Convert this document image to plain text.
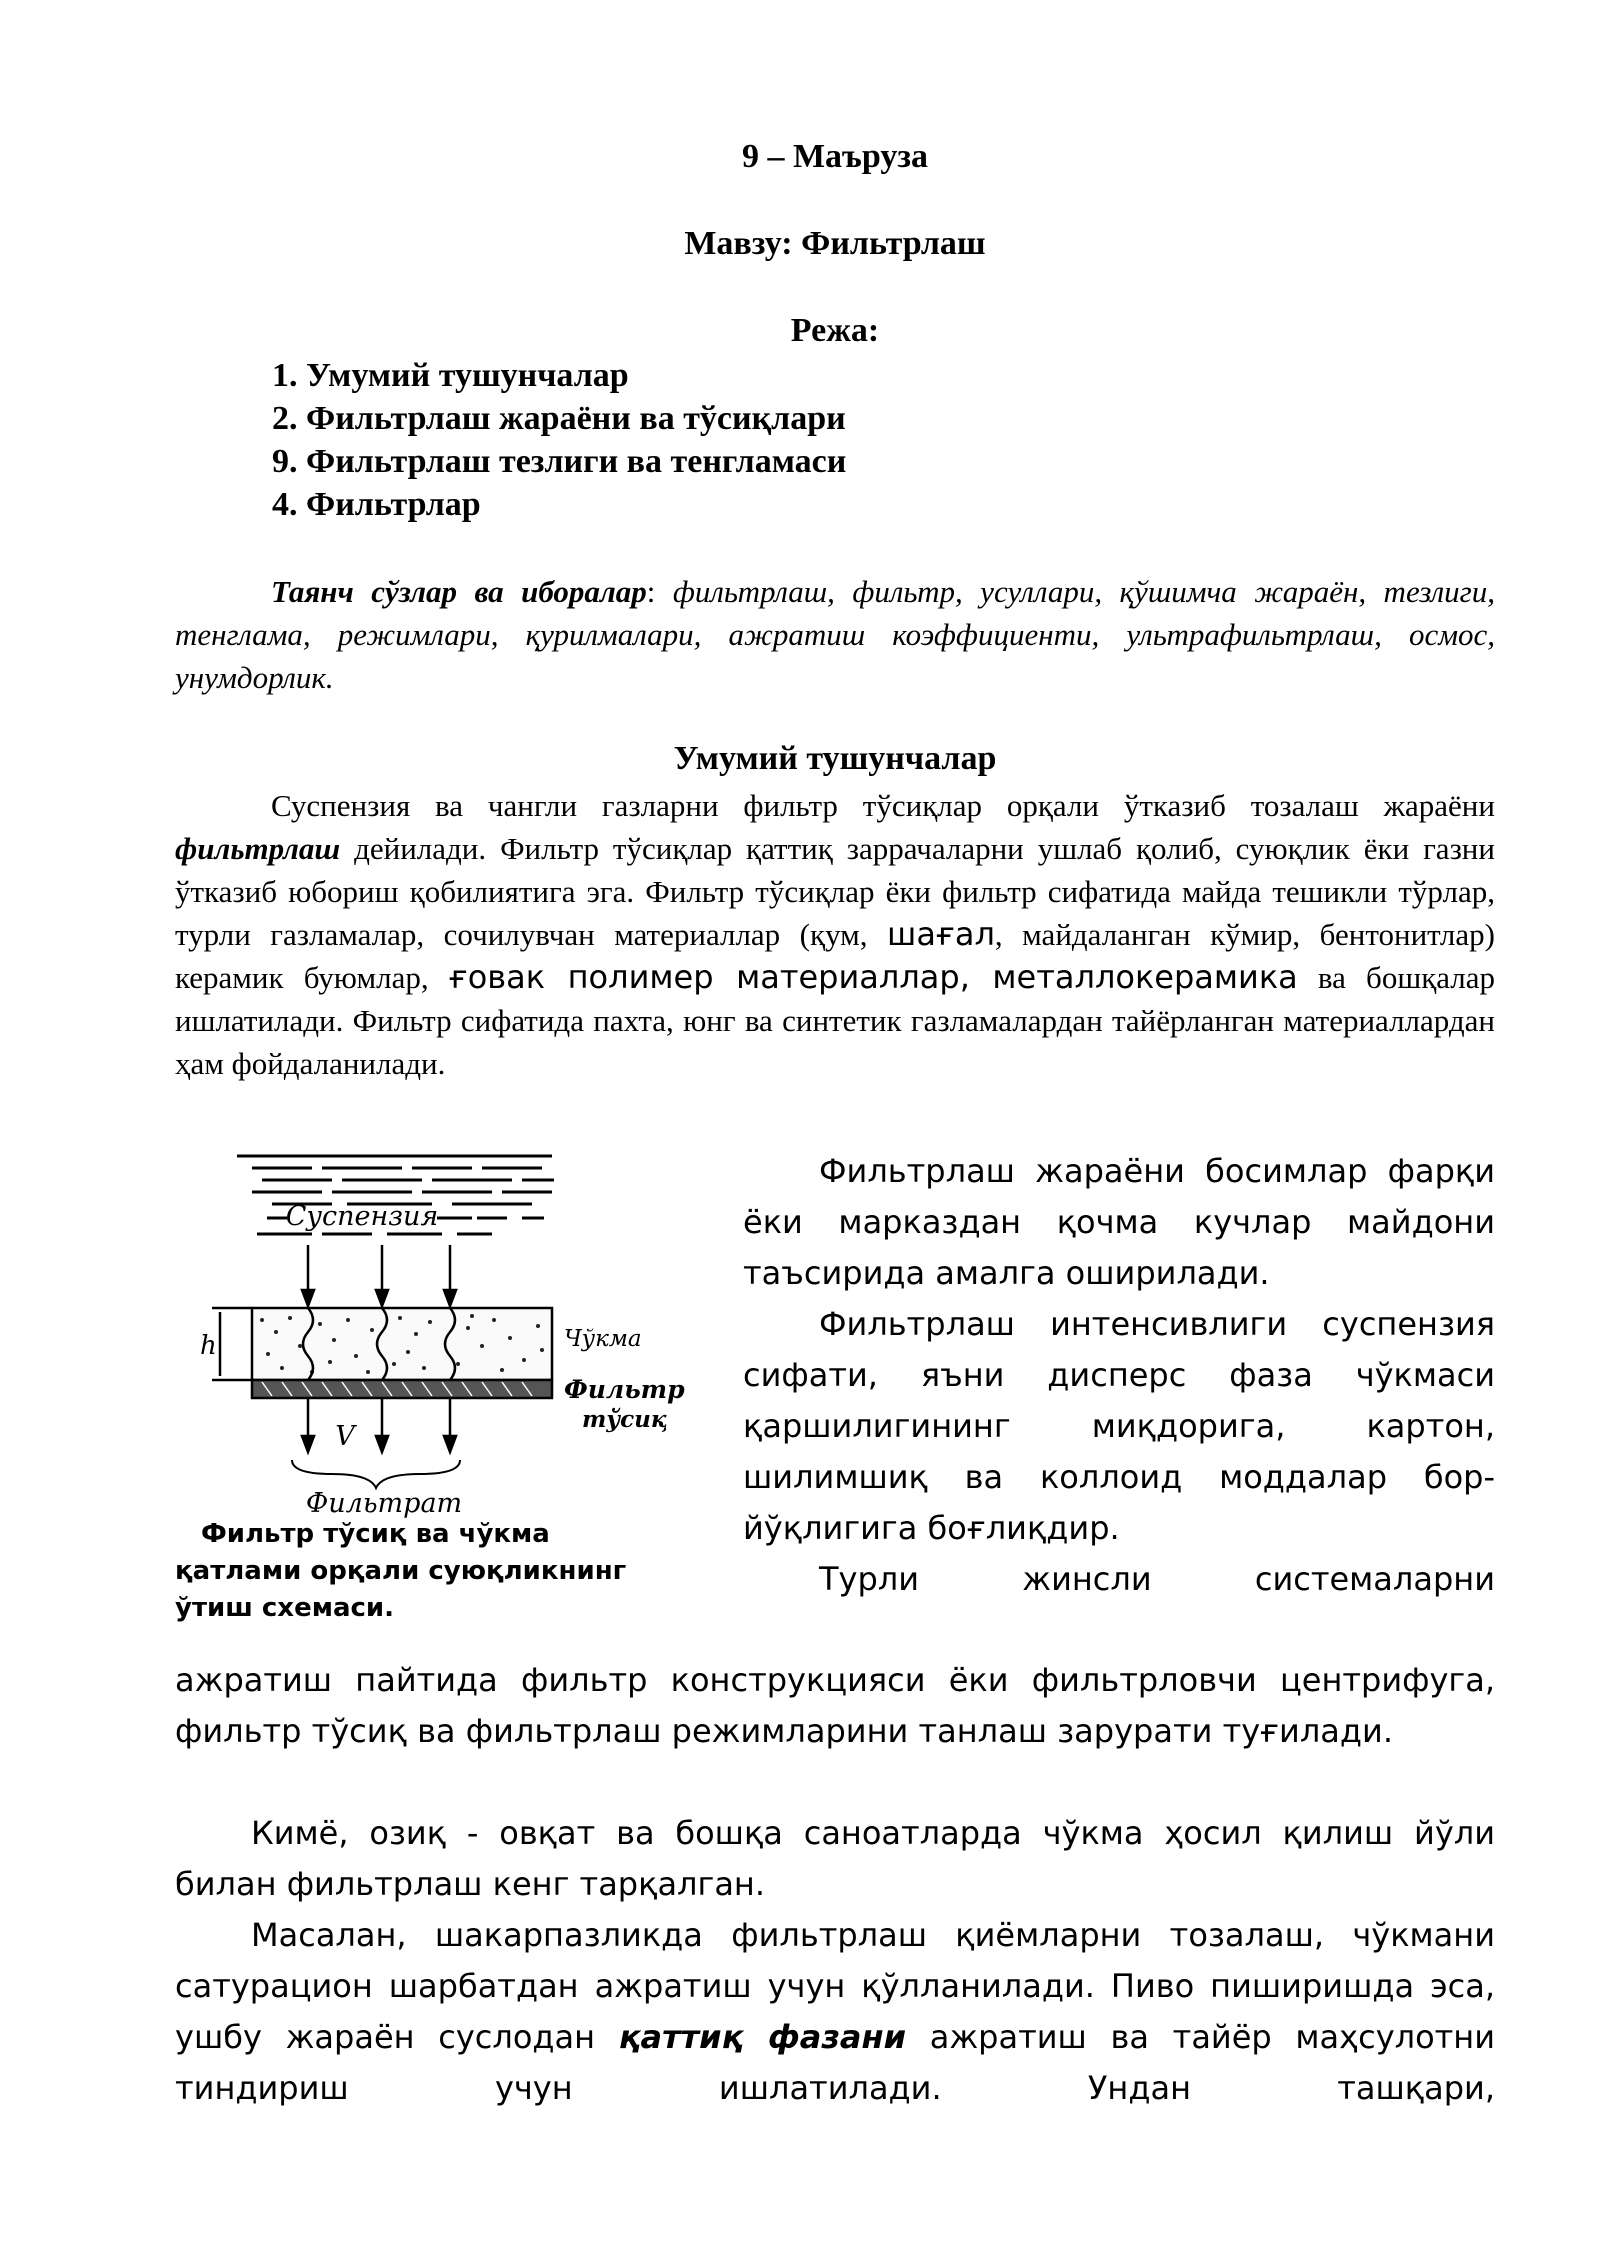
9 – Маъруза
Мавзу: Фильтрлаш
Режа:
1. Умумий тушунчалар
2. Фильтрлаш жараёни ва тўсиқлари
9. Фильтрлаш тезлиги ва тенгламаси
4. Фильтрлар
Таянч сўзлар ва иборалар: фильтрлаш, фильтр, усуллари, қўшимча жараён, тезлиги, тенглама, режимлари, қурилмалари, ажратиш коэффициенти, ультрафильтрлаш, осмос, унумдорлик.
Умумий тушунчалар
Суспензия ва чангли газларни фильтр тўсиқлар орқали ўтказиб тозалаш жараёни фильтрлаш дейилади. Фильтр тўсиқлар қаттиқ заррачаларни ушлаб қолиб, суюқлик ёки газни ўтказиб юбориш қобилиятига эга. Фильтр тўсиқлар ёки фильтр сифатида майда тешикли тўрлар, турли газламалар, сочилувчан материаллар (қум, шағал, майдаланган кўмир, бентонитлар) керамик буюмлар, ғовак полимер материаллар, металлокерамика ва бошқалар ишлатилади. Фильтр сифатида пахта, юнг ва синтетик газламалардан тайёрланган материаллардан ҳам фойдаланилади.
Суспензия
h
V
Фильтрат
Чўкма
Фильтр
тўсиқ
Фильтр тўсиқ ва чўкма қатлами орқали суюқликнинг ўтиш схемаси.
Фильтрлаш жараёни босимлар фарқи ёки марказдан қочма кучлар майдони таъсирида амалга оширилади.
Фильтрлаш интенсивлиги суспензия сифати, яъни дисперс фаза чўкмаси қаршилигининг миқдорига, картон, шилимшиқ ва коллоид моддалар бор-йўқлигига боғлиқдир.
Турли жинсли системаларни
ажратиш пайтида фильтр конструкцияси ёки фильтрловчи центрифуга, фильтр тўсиқ ва фильтрлаш режимларини танлаш зарурати туғилади.
Кимё, озиқ - овқат ва бошқа саноатларда чўкма ҳосил қилиш йўли билан фильтрлаш кенг тарқалган.
Масалан, шакарпазликда фильтрлаш қиёмларни тозалаш, чўкмани сатурацион шарбатдан ажратиш учун қўлланилади. Пиво пиширишда эса, ушбу жараён суслодан қаттиқ фазани ажратиш ва тайёр маҳсулотни тиндириш учун ишлатилади. Ундан ташқари,
